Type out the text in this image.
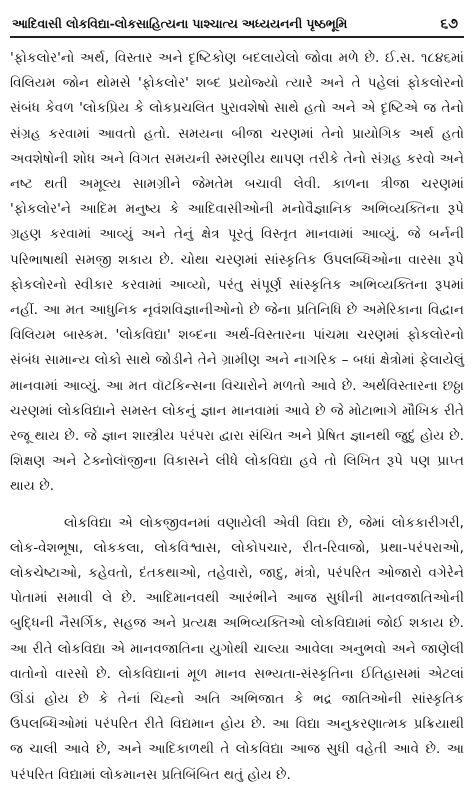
આદિવાસી લોકવિદ્યા-લોકસાહિત્યના પાશ્ચાત્ય અધ્યયનની પૃષ્ઠભૂમિ	૬૭

'ફોકલોર'નો અર્થ, વિસ્તાર અને દૃષ્ટિકોણ બદલાયેલો જોવા મળે છે. ઈ.સ. ૧૮૪૬માં વિલિયમ જોન થોમસે 'ફોકલોર' શબ્દ પ્રયોજ્યો ત્યારે અને તે પહેલાં ફોકલોરનો સંબંધ કેવળ 'લોકપ્રિય કે લોકપ્રચલિત પુરાવશેષો સાથે હતો અને એ દૃષ્ટિએ જ તેનો સંગ્રહ કરવામાં આવતો હતો. સમયના બીજા ચરણમાં તેનો પ્રાયોગિક અર્થ હતો અવશેષોની શોધ અને વિગત સમયની સ્મરણીય થાપણ તરીકે તેનો સંગ્રહ કરવો અને નષ્ટ થતી અમૂલ્ય સામગ્રીને જેમતેમ બચાવી લેવી. કાળના ત્રીજા ચરણમાં 'ફોકલોર'ને આદિમ મનુષ્ય કે આદિવાસીઓની મનોવૈજ્ઞાનિક અભિવ્યક્તિના રૂપે ગ્રહણ કરવામાં આવ્યું અને તેનું ક્ષેત્ર પૂરતું વિસ્તૃત માનવામાં આવ્યું. જે બર્નની પરિભાષાથી સમજી શકાય છે. ચોથા ચરણમાં સાંસ્કૃતિક ઉપલબ્ધિઓના વારસા રૂપે ફોકલોરનો સ્વીકાર કરવામાં આવ્યો, પરંતુ સંપૂર્ણ સાંસ્કૃતિક અભિવ્યક્તિના રૂપમાં નહીં. આ મત આધુનિક નૃવંશવિજ્ઞાનીઓનો છે જેના પ્રતિનિધિ છે અમેરિકાના વિદ્વાન વિલિયમ બાસ્કમ. 'લોકવિદ્યા' શબ્દના અર્થ-વિસ્તારના પાંચમા ચરણમાં ફોકલોરનો સંબંધ સામાન્ય લોકો સાથે જોડીને તેને ગ્રામીણ અને નાગરિક – બધાં ક્ષેત્રોમાં ફેલાયેલું માનવામાં આવ્યું. આ મત વૉટકિન્સના વિચારોને મળતો આવે છે. અર્થવિસ્તારના છઠ્ઠા ચરણમાં લોકવિદ્યાને સમસ્ત લોકનું જ્ઞાન માનવામાં આવે છે જે મોટાભાગે મૌખિક રીતે રજૂ થાય છે. જે જ્ઞાન શાસ્ત્રીય પરંપરા દ્વારા સંચિત અને પ્રેષિત જ્ઞાનથી જુદું હોય છે. શિક્ષણ અને ટેક્નોલૉજીના વિકાસને લીધે લોકવિદ્યા હવે તો લિખિત રૂપે પણ પ્રાપ્ત થાય છે.

લોકવિદ્યા એ લોકજીવનમાં વણાયેલી એવી વિદ્યા છે, જેમાં લોકકારીગરી, લોક-વેશભૂષા, લોકકલા, લોકવિશ્વાસ, લોકોપચાર, રીત-રિવાજો, પ્રથા-પરંપરાઓ, લોકચેષ્ટાઓ, કહેવતો, દંતકથાઓ, તહેવારો, જાદુ, મંત્રો, પરંપરિત ઓજારો વગેરેને પોતામાં સમાવી લે છે. આદિમાનવથી આરંભીને આજ સુધીની માનવજાતિઓની બુદ્ધિની નૈસર્ગિક, સહજ અને પ્રત્યક્ષ અભિવ્યક્તિઓ લોકવિદ્યામાં જોઈ શકાય છે. આ રીતે લોકવિદ્યા એ માનવજાતિના યુગોથી ચાલ્યા આવેલા અનુભવો અને જાણેલી વાતોનો વારસો છે. લોકવિદ્યાનાં મૂળ માનવ સભ્યતા-સંસ્કૃતિના ઈતિહાસમાં એટલાં ઊંડાં હોય છે કે તેનાં ચિહ્નો અતિ અભિજાત કે ભદ્ર જાતિઓની સાંસ્કૃતિક ઉપલબ્ધિઓમાં પરંપરિત રીતે વિદ્યમાન હોય છે. આ વિદ્યા અનુકરણાત્મક પ્રક્રિયાથી જ ચાલી આવે છે, અને આદિકાળથી તે લોકવિદ્યા આજ સુધી વહેતી આવે છે. આ પરંપરિત વિદ્યામાં લોકમાનસ પ્રતિબિંબિત થતું હોય છે.
